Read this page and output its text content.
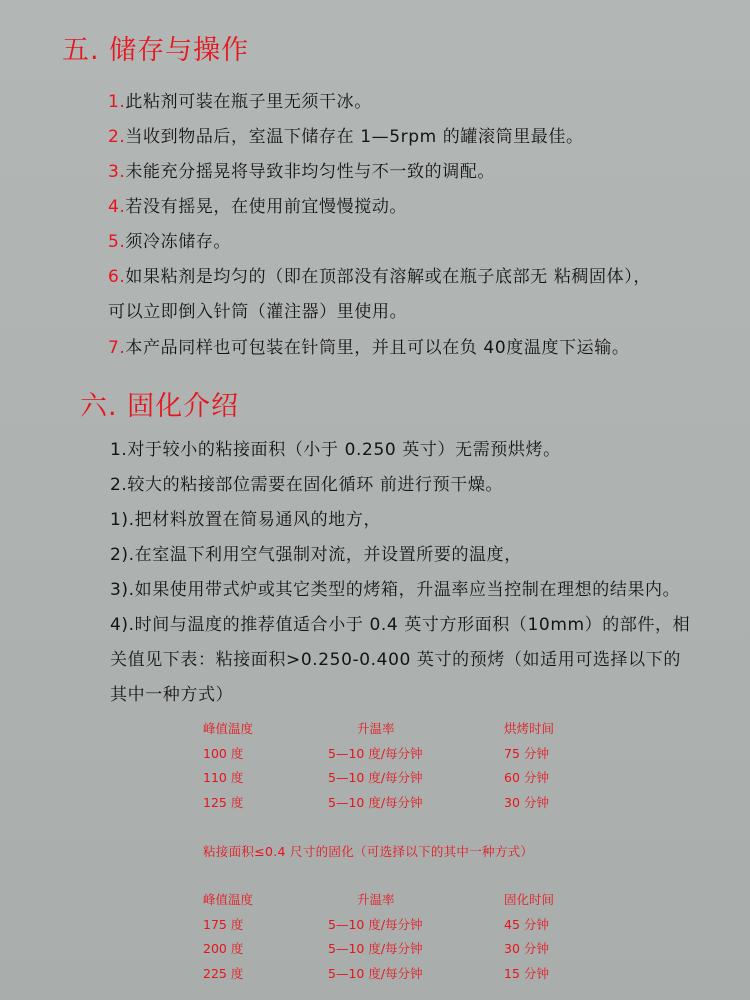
五. 储存与操作
1.此粘剂可装在瓶子里无须干冰。
2.当收到物品后，室温下储存在 1—5rpm 的罐滚筒里最佳。
3.未能充分摇晃将导致非均匀性与不一致的调配。
4.若没有摇晃，在使用前宜慢慢搅动。
5.须冷冻储存。
6.如果粘剂是均匀的（即在顶部没有溶解或在瓶子底部无 粘稠固体），
可以立即倒入针筒（灌注器）里使用。
7.本产品同样也可包装在针筒里，并且可以在负 40度温度下运输。
六. 固化介绍
1.对于较小的粘接面积（小于 0.250 英寸）无需预烘烤。
2.较大的粘接部位需要在固化循环 前进行预干燥。
1).把材料放置在简易通风的地方，
2).在室温下利用空气强制对流，并设置所要的温度，
3).如果使用带式炉或其它类型的烤箱，升温率应当控制在理想的结果内。
4).时间与温度的推荐值适合小于 0.4 英寸方形面积（10mm）的部件，相
关值见下表：粘接面积>0.250-0.400 英寸的预烤（如适用可选择以下的
其中一种方式）
峰值温度	升温率	烘烤时间
100 度	5—10 度/每分钟	75 分钟
110 度	5—10 度/每分钟	60 分钟
125 度	5—10 度/每分钟	30 分钟
粘接面积≤0.4 尺寸的固化（可选择以下的其中一种方式）
峰值温度	升温率	固化时间
175 度	5—10 度/每分钟	45 分钟
200 度	5—10 度/每分钟	30 分钟
225 度	5—10 度/每分钟	15 分钟
